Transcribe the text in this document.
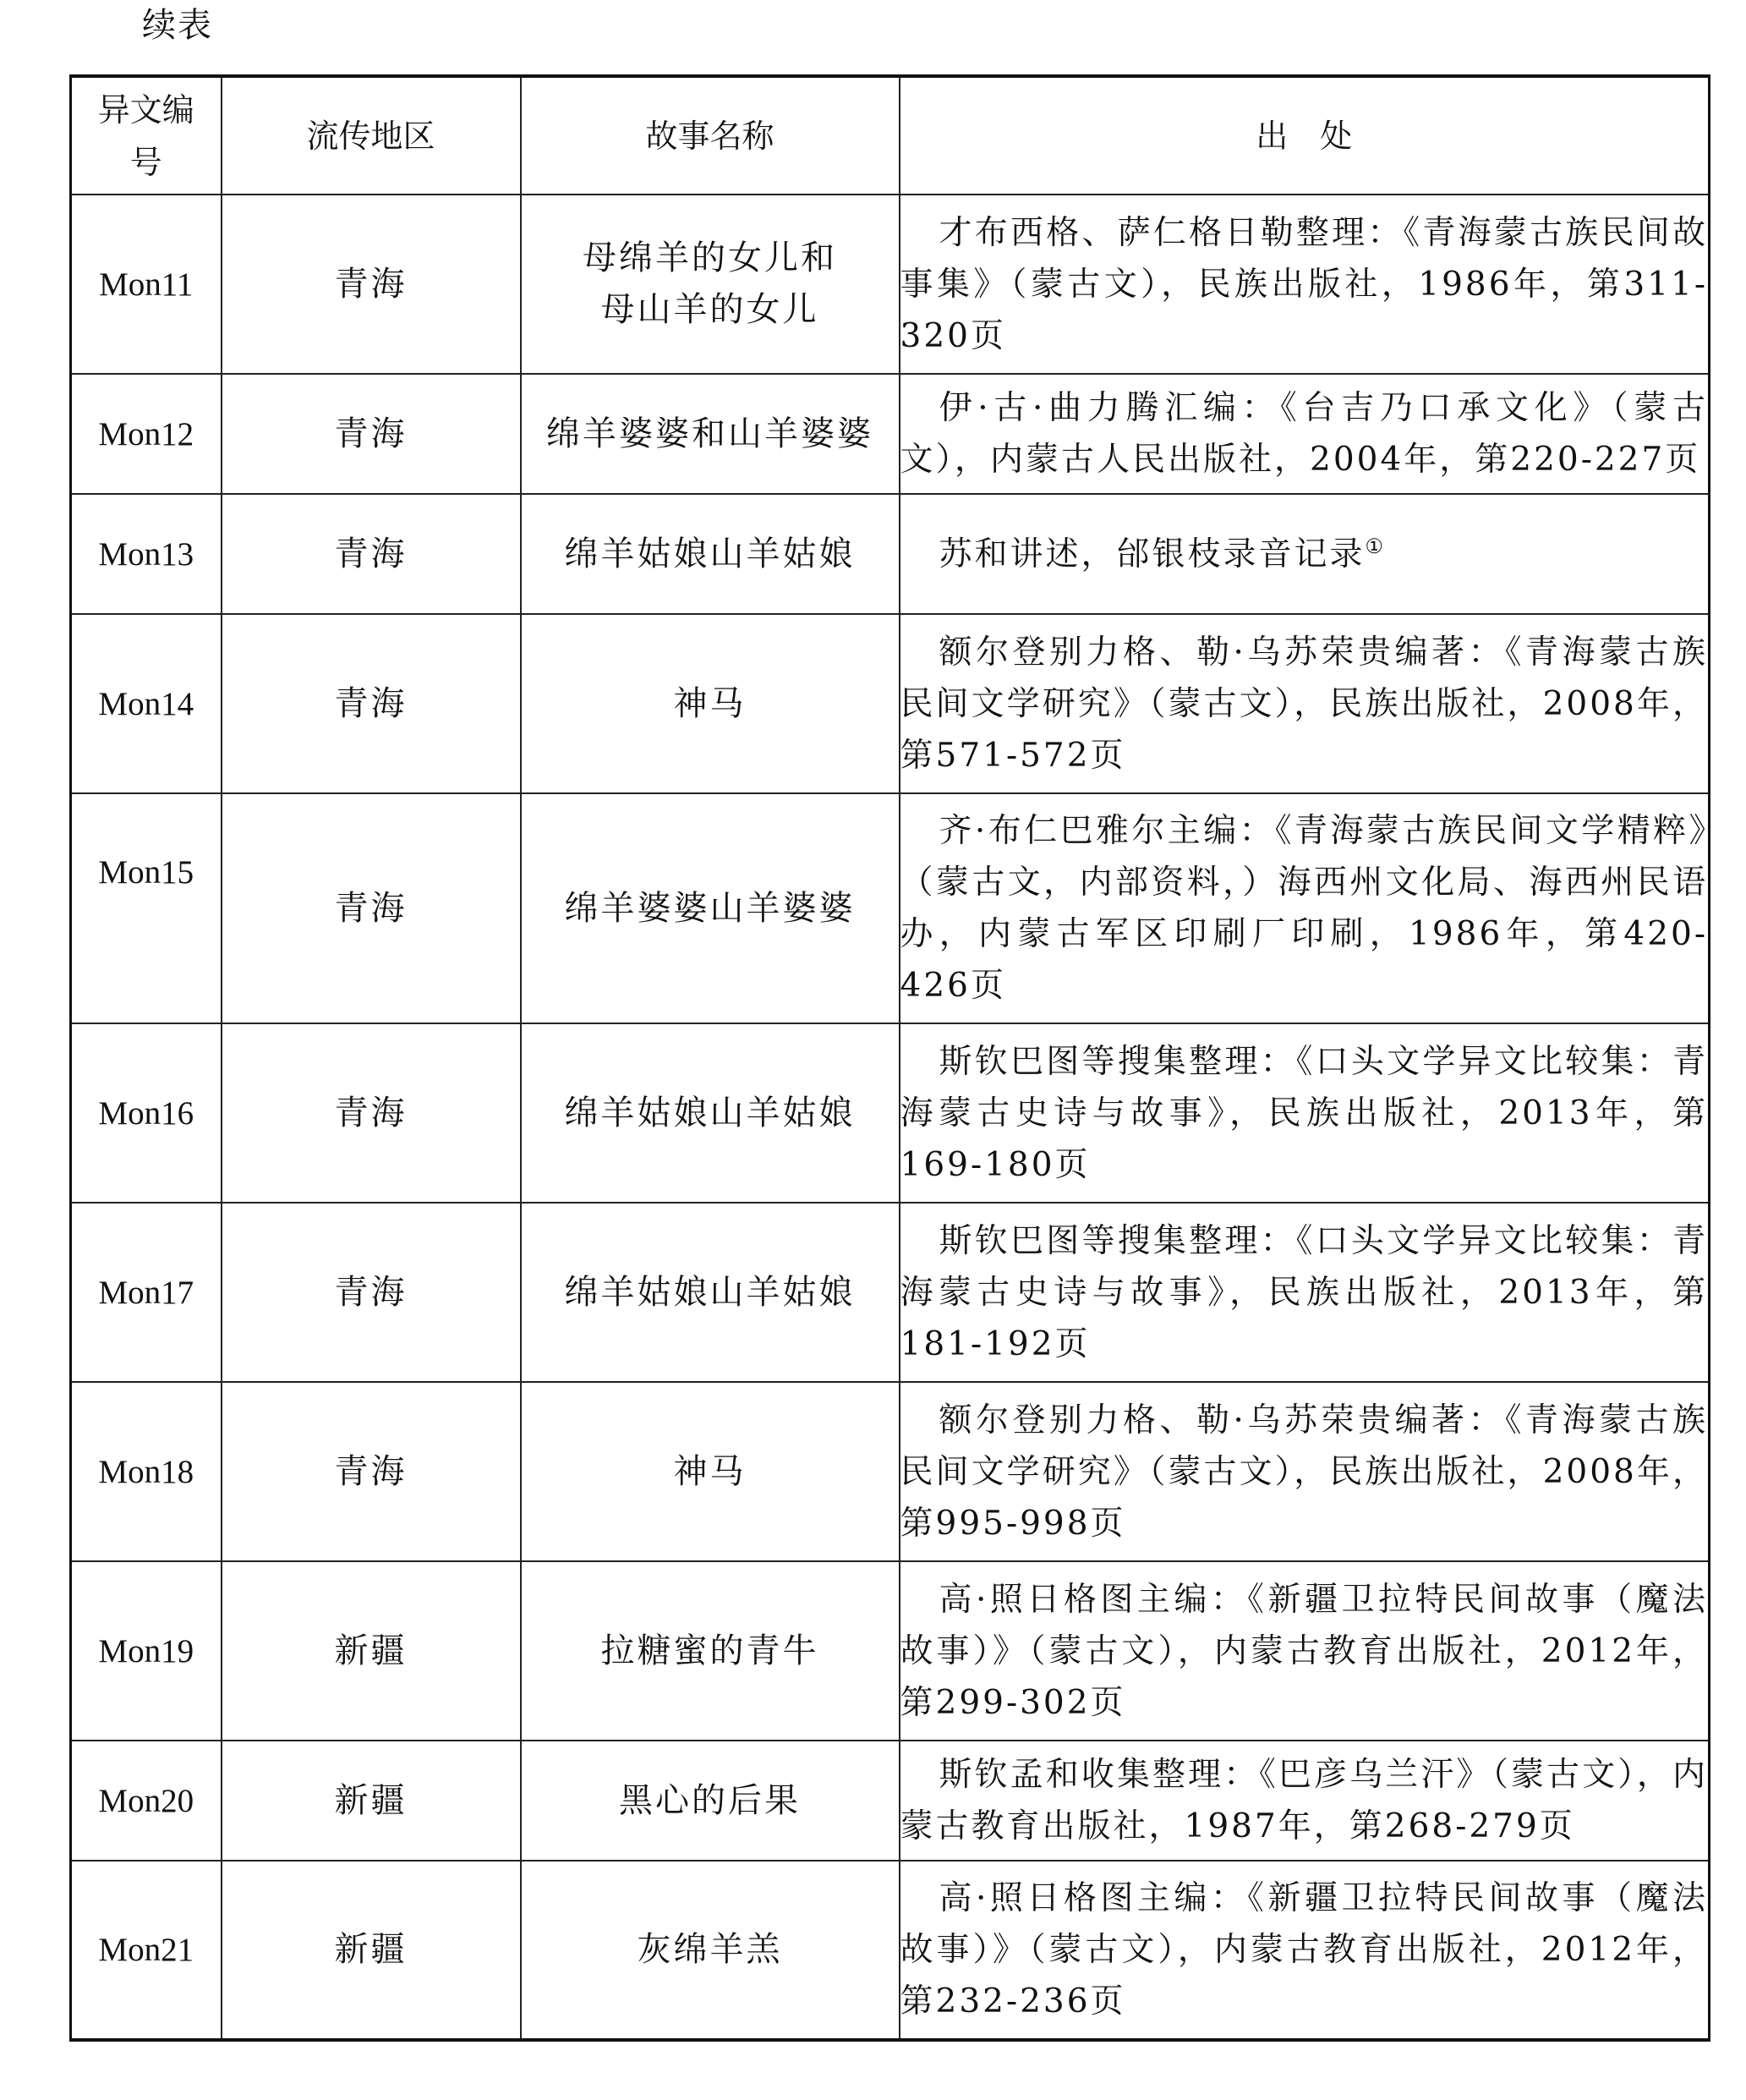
续表
异文编号	流传地区	故事名称	出　处
Mon11	青海	母绵羊的女儿和母山羊的女儿	才布西格、萨仁格日勒整理：《青海蒙古族民间故事集》（蒙古文），民族出版社，1986年，第311-320页

Mon12	青海	绵羊婆婆和山羊婆婆	伊·古·曲力腾汇编：《台吉乃口承文化》（蒙古文），内蒙古人民出版社，2004年，第220-227页

Mon13	青海	绵羊姑娘山羊姑娘	苏和讲述，邰银枝录音记录①

Mon14	青海	神马	额尔登别力格、勒·乌苏荣贵编著：《青海蒙古族民间文学研究》（蒙古文），民族出版社，2008年，第571-572页

Mon15	青海	绵羊婆婆山羊婆婆	齐·布仁巴雅尔主编：《青海蒙古族民间文学精粹》（蒙古文，内部资料，）海西州文化局、海西州民语办，内蒙古军区印刷厂印刷，1986年，第420-426页

Mon16	青海	绵羊姑娘山羊姑娘	斯钦巴图等搜集整理：《口头文学异文比较集：青海蒙古史诗与故事》，民族出版社，2013年，第169-180页

Mon17	青海	绵羊姑娘山羊姑娘	斯钦巴图等搜集整理：《口头文学异文比较集：青海蒙古史诗与故事》，民族出版社，2013年，第181-192页

Mon18	青海	神马	额尔登别力格、勒·乌苏荣贵编著：《青海蒙古族民间文学研究》（蒙古文），民族出版社，2008年，第995-998页

Mon19	新疆	拉糖蜜的青牛	高·照日格图主编：《新疆卫拉特民间故事（魔法故事）》（蒙古文），内蒙古教育出版社，2012年，第299-302页

Mon20	新疆	黑心的后果	斯钦孟和收集整理：《巴彦乌兰汗》（蒙古文），内蒙古教育出版社，1987年，第268-279页

Mon21	新疆	灰绵羊羔	高·照日格图主编：《新疆卫拉特民间故事（魔法故事）》（蒙古文），内蒙古教育出版社，2012年，第232-236页
